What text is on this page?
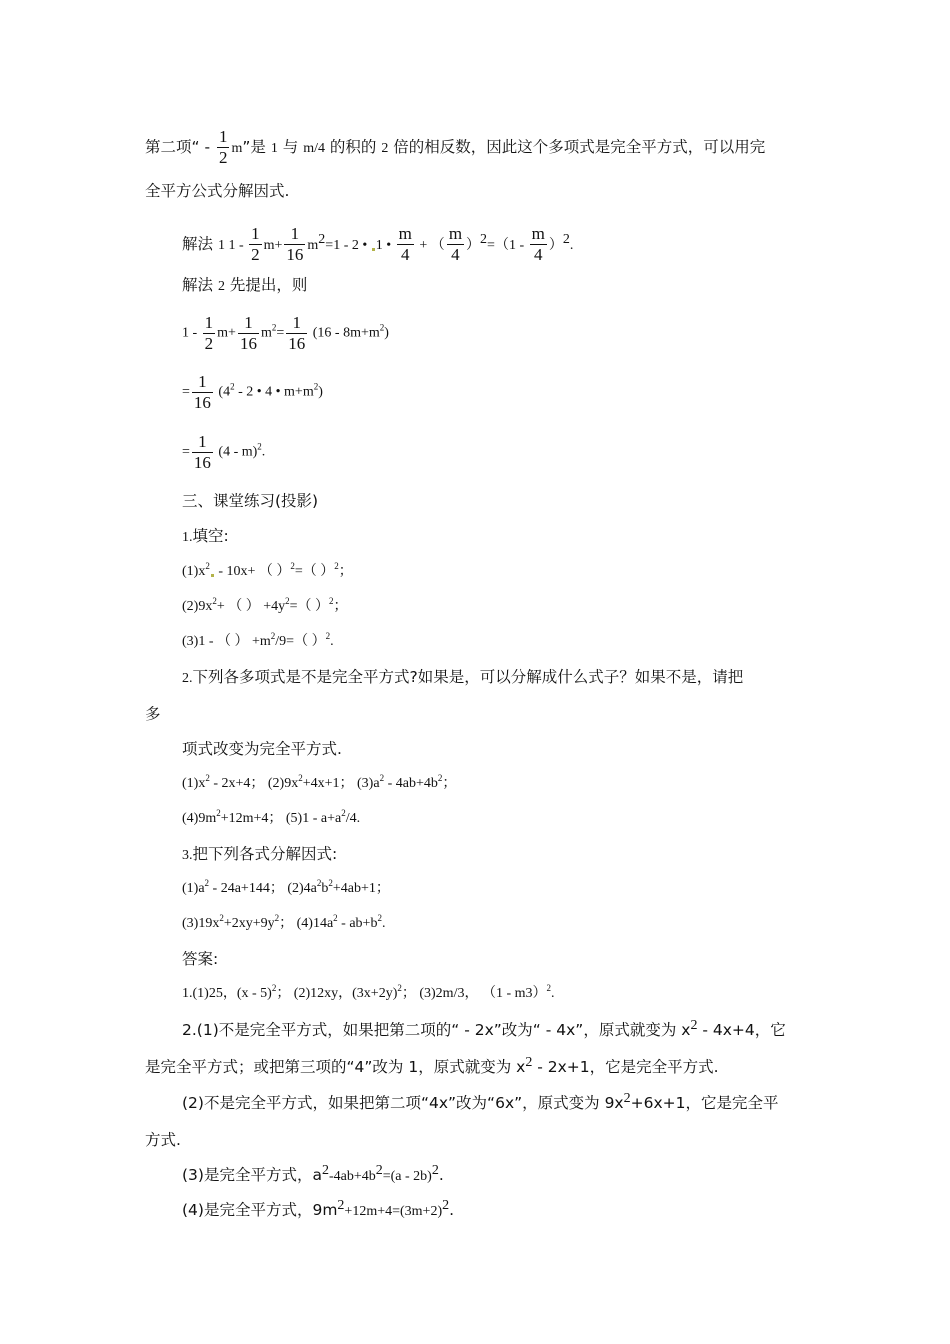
第二项“ - $\frac{1}{2} m$”是 1 与 m/4 的积的 2 倍的相反数，因此这个多项式是完全平方式，可以用完
全平方公式分解因式.
解法 1 $1 - \frac{1}{2} m+ \frac{1}{16} m^2=1 - 2$ • 1 • $\frac{m}{4}$ + （ $\frac{m}{4} )^2=(1 - \frac{m}{4} )^2$.
解法 2 先提出，则
$1 - \frac{1}{2} m+ \frac{1}{16} m^2= \frac{1}{16} (16 - 8m+m^2)$
= $\frac{1}{16} (4^2 - 2$ • 4 • $m+m^2$)
= $\frac{1}{16} (4 - m)^2$.
三、课堂练习(投影)
1.填空:
$(1)x^2 - 10x+$ （ ）$^2$=（ ）$^2$；
$(2)9x^2+$ （ ） $+4y^2=$（ ）$^2$；
(3)1 - （ ） $+m^2/9=$（ ）$^2$.
2.下列各多项式是不是完全平方式?如果是，可以分解成什么式子？如果不是，请把
多
项式改变为完全平方式.
$(1)x^2 - 2x+4$； $(2)9x^2+4x+1$； $(3)a^2 - 4ab+4b^2$；
$(4)9m^2+12m+4$； $(5)1 - a+a^2/4$.
3.把下列各式分解因式:
$(1)a^2 - 24a+144$； $(2)4a^2b^2+4ab+1$；
$(3)19x^2+2xy+9y^2$； $(4)14a^2 - ab+b^2$.
答案:
1.(1)25，(x - 5)$^2$； (2)12xy，$(3x+2y)^2$； (3)2m/3， （1 - m3）$^2$.
2.(1)不是完全平方式，如果把第二项的“ - 2x”改为“ - 4x”，原式就变为 $x^2 - 4x+4$，它
是完全平方式；或把第三项的“4”改为 1，原式就变为 $x^2 - 2x+1$，它是完全平方式.
(2)不是完全平方式，如果把第二项“4x”改为“6x”，原式变为 $9x^2+6x+1$，它是完全平
方式.
(3)是完全平方式，$a^2-4ab+4b^2=(a - 2b)^2$.
(4)是完全平方式，$9m^2+12m+4=(3m+2)^2$.
